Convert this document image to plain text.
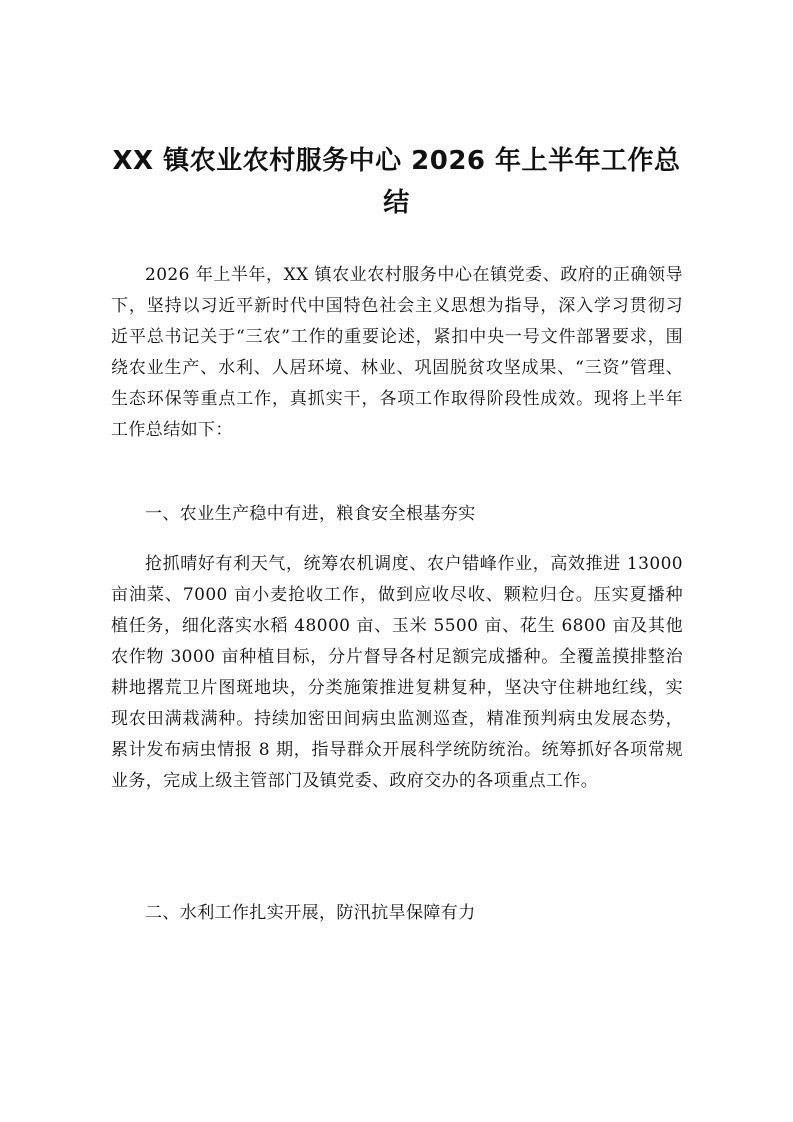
XX 镇农业农村服务中心 2026 年上半年工作总结

2026 年上半年，XX 镇农业农村服务中心在镇党委、政府的正确领导下，坚持以习近平新时代中国特色社会主义思想为指导，深入学习贯彻习近平总书记关于“三农”工作的重要论述，紧扣中央一号文件部署要求，围绕农业生产、水利、人居环境、林业、巩固脱贫攻坚成果、“三资”管理、生态环保等重点工作，真抓实干，各项工作取得阶段性成效。现将上半年工作总结如下：

一、农业生产稳中有进，粮食安全根基夯实

抢抓晴好有利天气，统筹农机调度、农户错峰作业，高效推进 13000 亩油菜、7000 亩小麦抢收工作，做到应收尽收、颗粒归仓。压实夏播种植任务，细化落实水稻 48000 亩、玉米 5500 亩、花生 6800 亩及其他农作物 3000 亩种植目标，分片督导各村足额完成播种。全覆盖摸排整治耕地撂荒卫片图斑地块，分类施策推进复耕复种，坚决守住耕地红线，实现农田满栽满种。持续加密田间病虫监测巡查，精准预判病虫发展态势，累计发布病虫情报 8 期，指导群众开展科学统防统治。统筹抓好各项常规业务，完成上级主管部门及镇党委、政府交办的各项重点工作。

二、水利工作扎实开展，防汛抗旱保障有力
